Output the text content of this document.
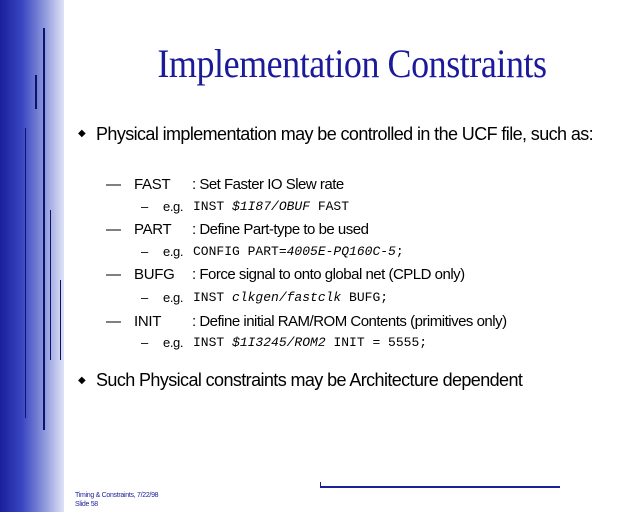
Implementation Constraints
◆ Physical implementation may be controlled in the UCF file, such as:
— FAST : Set Faster IO Slew rate
– e.g. INST $1I87/OBUF FAST
— PART : Define Part-type to be used
– e.g. CONFIG PART=4005E-PQ160C-5;
— BUFG : Force signal to onto global net (CPLD only)
– e.g. INST clkgen/fastclk BUFG;
— INIT : Define initial RAM/ROM Contents (primitives only)
– e.g. INST $1I3245/ROM2 INIT = 5555;
◆ Such Physical constraints may be Architecture dependent
Timing & Constraints, 7/22/98
Slide 58
